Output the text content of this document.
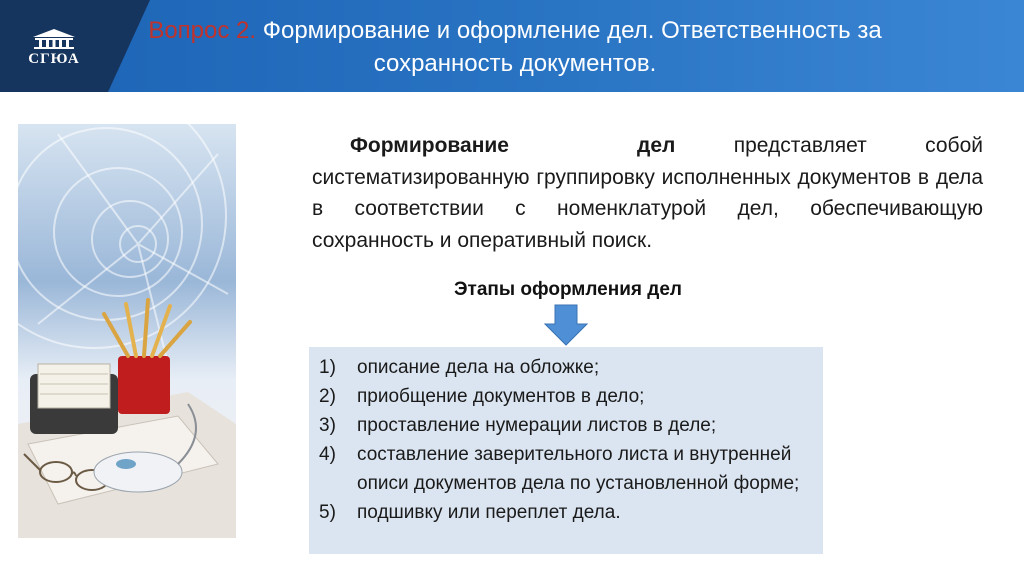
СГЮА
Вопрос 2. Формирование и оформление дел. Ответственность за
сохранность документов.
Формирование	дел представляет собой систематизированную группировку исполненных документов в дела в соответствии с номенклатурой дел, обеспечивающую сохранность и оперативный поиск.
Этапы оформления дел
1)	описание дела на обложке;
2)	приобщение документов в дело;
3)	проставление нумерации листов в деле;
4)	составление заверительного листа и внутренней описи документов дела по установленной форме;
5)	подшивку или переплет дела.
